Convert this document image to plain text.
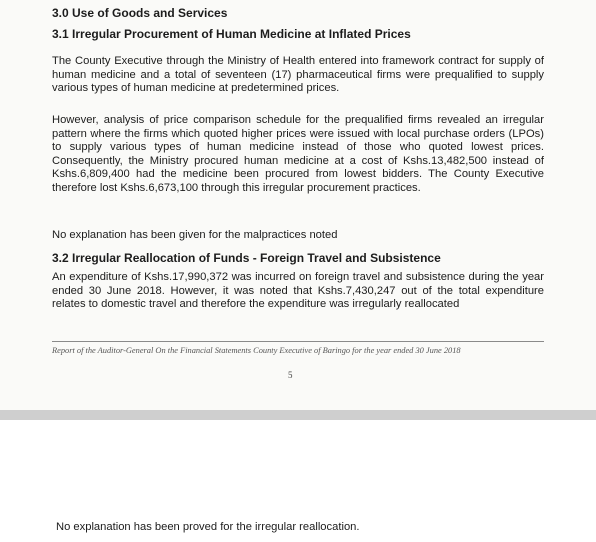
3.0 Use of Goods and Services
3.1 Irregular Procurement of Human Medicine at Inflated Prices

The County Executive through the Ministry of Health entered into framework contract for supply of human medicine and a total of seventeen (17) pharmaceutical firms were prequalified to supply various types of human medicine at predetermined prices.

However, analysis of price comparison schedule for the prequalified firms revealed an irregular pattern where the firms which quoted higher prices were issued with local purchase orders (LPOs) to supply various types of human medicine instead of those who quoted lowest prices. Consequently, the Ministry procured human medicine at a cost of Kshs.13,482,500 instead of Kshs.6,809,400 had the medicine been procured from lowest bidders. The County Executive therefore lost Kshs.6,673,100 through this irregular procurement practices.

No explanation has been given for the malpractices noted

3.2 Irregular Reallocation of Funds - Foreign Travel and Subsistence

An expenditure of Kshs.17,990,372 was incurred on foreign travel and subsistence during the year ended 30 June 2018. However, it was noted that Kshs.7,430,247 out of the total expenditure relates to domestic travel and therefore the expenditure was irregularly reallocated

Report of the Auditor-General On the Financial Statements County Executive of Baringo for the year ended 30 June 2018
5
No explanation has been proved for the irregular reallocation.
